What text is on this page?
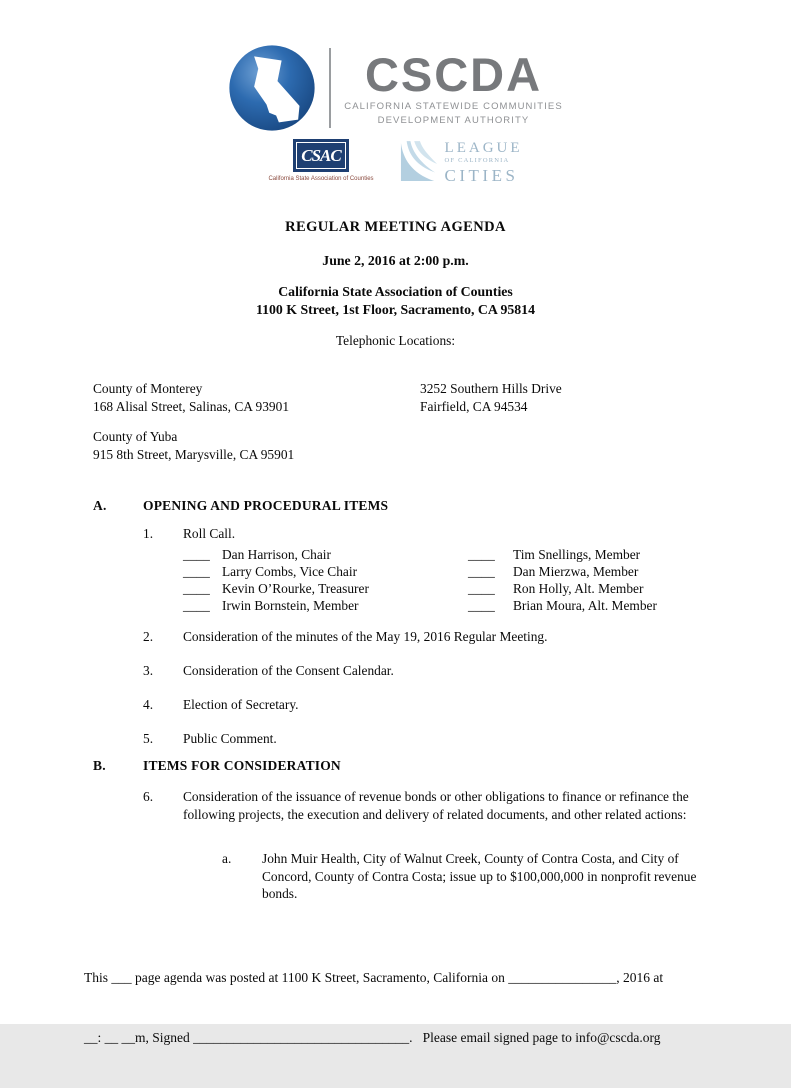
CSCDA
CALIFORNIA STATEWIDE COMMUNITIES
DEVELOPMENT AUTHORITY
CSAC
California State Association of Counties
LEAGUE
OF CALIFORNIA
CITIES
REGULAR MEETING AGENDA
June 2, 2016 at 2:00 p.m.
California State Association of Counties
1100 K Street, 1st Floor, Sacramento, CA 95814
Telephonic Locations:
County of Monterey
168 Alisal Street, Salinas, CA 93901
3252 Southern Hills Drive
Fairfield, CA 94534
County of Yuba
915 8th Street, Marysville, CA 95901
A.	OPENING AND PROCEDURAL ITEMS
1.	Roll Call.
____ Dan Harrison, Chair	____	Tim Snellings, Member
____ Larry Combs, Vice Chair	____	Dan Mierzwa, Member
____ Kevin O’Rourke, Treasurer	____	Ron Holly, Alt. Member
____ Irwin Bornstein, Member	____	Brian Moura, Alt. Member
2.	Consideration of the minutes of the May 19, 2016 Regular Meeting.
3.	Consideration of the Consent Calendar.
4.	Election of Secretary.
5.	Public Comment.
B.	ITEMS FOR CONSIDERATION
6.	Consideration of the issuance of revenue bonds or other obligations to finance or refinance the following projects, the execution and delivery of related documents, and other related actions:
a.	John Muir Health, City of Walnut Creek, County of Contra Costa, and City of Concord, County of Contra Costa; issue up to $100,000,000 in nonprofit revenue bonds.

This ___ page agenda was posted at 1100 K Street, Sacramento, California on ________________, 2016 at

__: __ __m, Signed ________________________________.   Please email signed page to info@cscda.org
